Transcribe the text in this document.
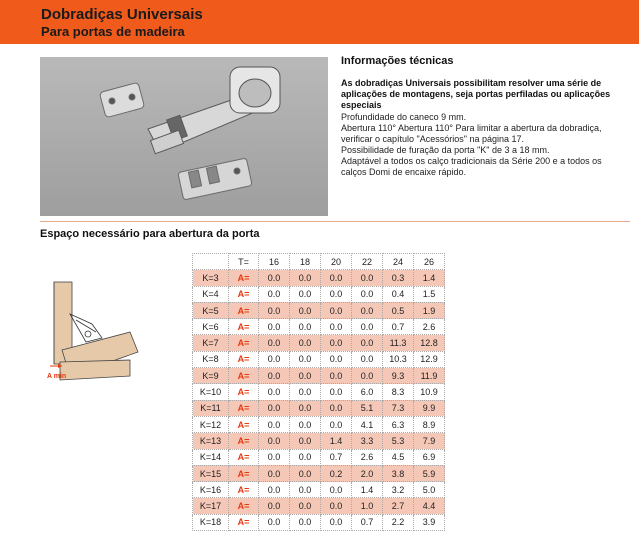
Dobradiças Universais
Para portas de madeira
Informações técnicas
As dobradiças Universais possibilitam resolver uma série de aplicações de montagens, seja portas perfiladas ou aplicações especiais
Profundidade do caneco 9 mm.
Abertura 110° Abertura 110° Para limitar a abertura da dobradiça, verificar o capítulo "Acessórios" na página 17.
Possibilidade de furação da porta "K" de 3 a 18 mm.
Adaptável a todos os calço tradicionais da Série 200 e a todos os calços Domi de encaixe rápido.
Espaço necessário para abertura da porta
A min
	T=	16	18	20	22	24	26
K=3	A=	0.0	0.0	0.0	0.0	0.3	1.4
K=4	A=	0.0	0.0	0.0	0.0	0.4	1.5
K=5	A=	0.0	0.0	0.0	0.0	0.5	1.9
K=6	A=	0.0	0.0	0.0	0.0	0.7	2.6
K=7	A=	0.0	0.0	0.0	0.0	11.3	12.8
K=8	A=	0.0	0.0	0.0	0.0	10.3	12.9
K=9	A=	0.0	0.0	0.0	0.0	9.3	11.9
K=10	A=	0.0	0.0	0.0	6.0	8.3	10.9
K=11	A=	0.0	0.0	0.0	5.1	7.3	9.9
K=12	A=	0.0	0.0	0.0	4.1	6.3	8.9
K=13	A=	0.0	0.0	1.4	3.3	5.3	7.9
K=14	A=	0.0	0.0	0.7	2.6	4.5	6.9
K=15	A=	0.0	0.0	0.2	2.0	3.8	5.9
K=16	A=	0.0	0.0	0.0	1.4	3.2	5.0
K=17	A=	0.0	0.0	0.0	1.0	2.7	4.4
K=18	A=	0.0	0.0	0.0	0.7	2.2	3.9
